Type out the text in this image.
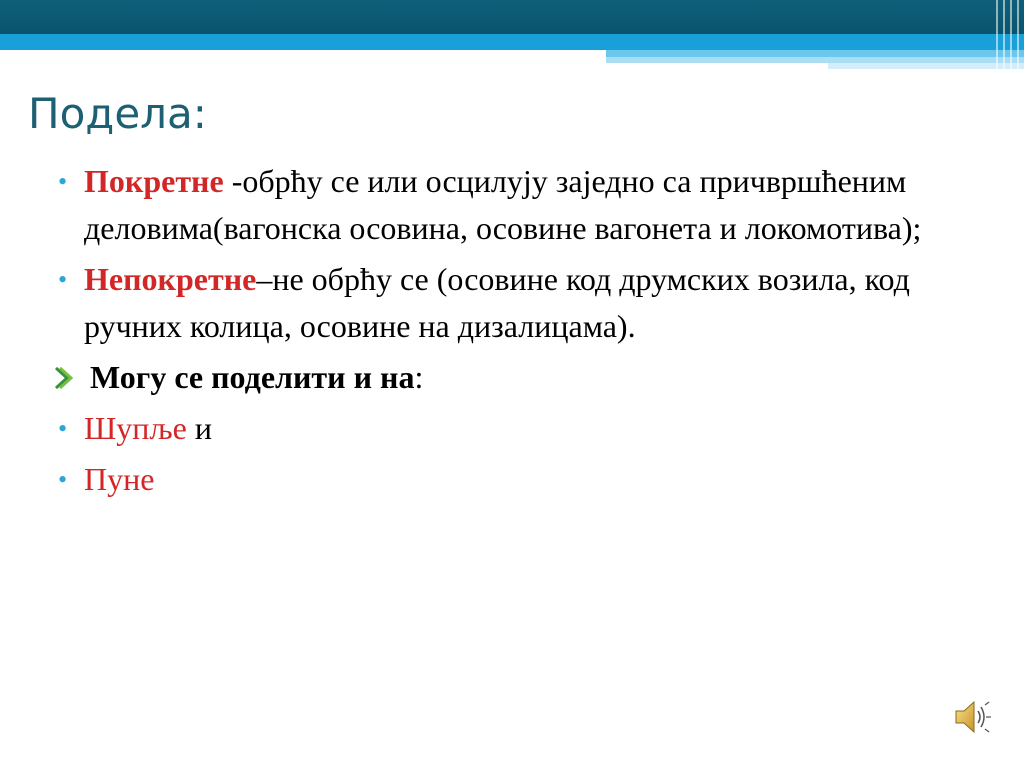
Подела:
• Покретне -обрћу се или осцилују заједно са причвршћеним деловима(вагонска осовина, осовине вагонета и локомотива);
• Непокретне–не обрћу се (осовине код друмских возила, код ручних колица, осовине на дизалицама).
Могу се поделити и на:
• Шупље и
• Пуне
